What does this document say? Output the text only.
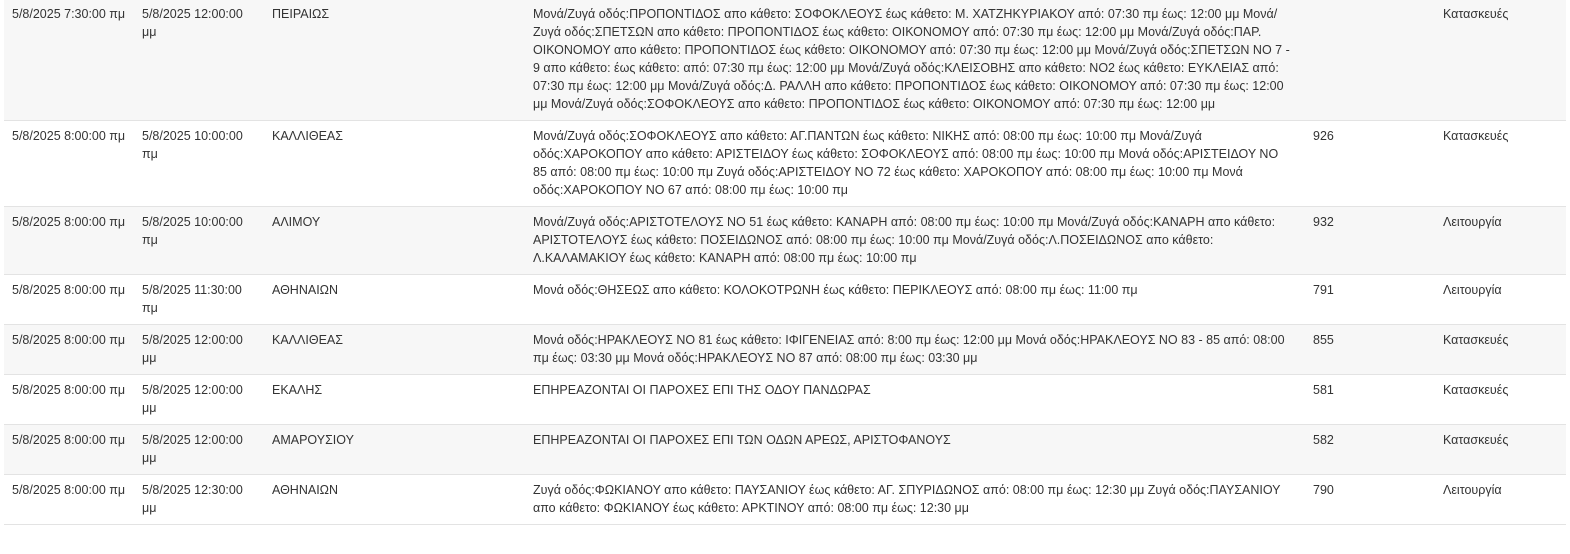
5/8/2025 7:30:00 πμ	5/8/2025 12:00:00 μμ	ΠΕΙΡΑΙΩΣ	Μονά/Ζυγά οδός:ΠΡΟΠΟΝΤΙΔΟΣ απο κάθετο: ΣΟΦΟΚΛΕΟΥΣ έως κάθετο: Μ. ΧΑΤΖΗΚΥΡΙΑΚΟΥ από: 07:30 πμ έως: 12:00 μμ Μονά/Ζυγά οδός:ΣΠΕΤΣΩΝ απο κάθετο: ΠΡΟΠΟΝΤΙΔΟΣ έως κάθετο: ΟΙΚΟΝΟΜΟΥ από: 07:30 πμ έως: 12:00 μμ Μονά/Ζυγά οδός:ΠΑΡ. ΟΙΚΟΝΟΜΟΥ απο κάθετο: ΠΡΟΠΟΝΤΙΔΟΣ έως κάθετο: ΟΙΚΟΝΟΜΟΥ από: 07:30 πμ έως: 12:00 μμ Μονά/Ζυγά οδός:ΣΠΕΤΣΩΝ ΝΟ 7 - 9 απο κάθετο: έως κάθετο: από: 07:30 πμ έως: 12:00 μμ Μονά/Ζυγά οδός:ΚΛΕΙΣΟΒΗΣ απο κάθετο: ΝΟ2 έως κάθετο: ΕΥΚΛΕΙΑΣ από: 07:30 πμ έως: 12:00 μμ Μονά/Ζυγά οδός:Δ. ΡΑΛΛΗ απο κάθετο: ΠΡΟΠΟΝΤΙΔΟΣ έως κάθετο: ΟΙΚΟΝΟΜΟΥ από: 07:30 πμ έως: 12:00 μμ Μονά/Ζυγά οδός:ΣΟΦΟΚΛΕΟΥΣ απο κάθετο: ΠΡΟΠΟΝΤΙΔΟΣ έως κάθετο: ΟΙΚΟΝΟΜΟΥ από: 07:30 πμ έως: 12:00 μμ		Κατασκευές
5/8/2025 8:00:00 πμ	5/8/2025 10:00:00 πμ	ΚΑΛΛΙΘΕΑΣ	Μονά/Ζυγά οδός:ΣΟΦΟΚΛΕΟΥΣ απο κάθετο: ΑΓ.ΠΑΝΤΩΝ έως κάθετο: ΝΙΚΗΣ από: 08:00 πμ έως: 10:00 πμ Μονά/Ζυγά οδός:ΧΑΡΟΚΟΠΟΥ απο κάθετο: ΑΡΙΣΤΕΙΔΟΥ έως κάθετο: ΣΟΦΟΚΛΕΟΥΣ από: 08:00 πμ έως: 10:00 πμ Μονά οδός:ΑΡΙΣΤΕΙΔΟΥ ΝΟ 85 από: 08:00 πμ έως: 10:00 πμ Ζυγά οδός:ΑΡΙΣΤΕΙΔΟΥ ΝΟ 72 έως κάθετο: ΧΑΡΟΚΟΠΟΥ από: 08:00 πμ έως: 10:00 πμ Μονά οδός:ΧΑΡΟΚΟΠΟΥ ΝΟ 67 από: 08:00 πμ έως: 10:00 πμ	926	Κατασκευές
5/8/2025 8:00:00 πμ	5/8/2025 10:00:00 πμ	ΑΛΙΜΟΥ	Μονά/Ζυγά οδός:ΑΡΙΣΤΟΤΕΛΟΥΣ ΝΟ 51 έως κάθετο: ΚΑΝΑΡΗ από: 08:00 πμ έως: 10:00 πμ Μονά/Ζυγά οδός:ΚΑΝΑΡΗ απο κάθετο: ΑΡΙΣΤΟΤΕΛΟΥΣ έως κάθετο: ΠΟΣΕΙΔΩΝΟΣ από: 08:00 πμ έως: 10:00 πμ Μονά/Ζυγά οδός:Λ.ΠΟΣΕΙΔΩΝΟΣ απο κάθετο: Λ.ΚΑΛΑΜΑΚΙΟΥ έως κάθετο: ΚΑΝΑΡΗ από: 08:00 πμ έως: 10:00 πμ	932	Λειτουργία
5/8/2025 8:00:00 πμ	5/8/2025 11:30:00 πμ	ΑΘΗΝΑΙΩΝ	Μονά οδός:ΘΗΣΕΩΣ απο κάθετο: ΚΟΛΟΚΟΤΡΩΝΗ έως κάθετο: ΠΕΡΙΚΛΕΟΥΣ από: 08:00 πμ έως: 11:00 πμ	791	Λειτουργία
5/8/2025 8:00:00 πμ	5/8/2025 12:00:00 μμ	ΚΑΛΛΙΘΕΑΣ	Μονά οδός:ΗΡΑΚΛΕΟΥΣ ΝΟ 81 έως κάθετο: ΙΦΙΓΕΝΕΙΑΣ από: 8:00 πμ έως: 12:00 μμ Μονά οδός:ΗΡΑΚΛΕΟΥΣ ΝΟ 83 - 85 από: 08:00 πμ έως: 03:30 μμ Μονά οδός:ΗΡΑΚΛΕΟΥΣ ΝΟ 87 από: 08:00 πμ έως: 03:30 μμ	855	Κατασκευές
5/8/2025 8:00:00 πμ	5/8/2025 12:00:00 μμ	ΕΚΑΛΗΣ	ΕΠΗΡΕΑΖΟΝΤΑΙ ΟΙ ΠΑΡΟΧΕΣ ΕΠΙ ΤΗΣ ΟΔΟΥ ΠΑΝΔΩΡΑΣ	581	Κατασκευές
5/8/2025 8:00:00 πμ	5/8/2025 12:00:00 μμ	ΑΜΑΡΟΥΣΙΟΥ	ΕΠΗΡΕΑΖΟΝΤΑΙ ΟΙ ΠΑΡΟΧΕΣ ΕΠΙ ΤΩΝ ΟΔΩΝ ΑΡΕΩΣ, ΑΡΙΣΤΟΦΑΝΟΥΣ	582	Κατασκευές
5/8/2025 8:00:00 πμ	5/8/2025 12:30:00 μμ	ΑΘΗΝΑΙΩΝ	Ζυγά οδός:ΦΩΚΙΑΝΟΥ απο κάθετο: ΠΑΥΣΑΝΙΟΥ έως κάθετο: ΑΓ. ΣΠΥΡΙΔΩΝΟΣ από: 08:00 πμ έως: 12:30 μμ Ζυγά οδός:ΠΑΥΣΑΝΙΟΥ απο κάθετο: ΦΩΚΙΑΝΟΥ έως κάθετο: ΑΡΚΤΙΝΟΥ από: 08:00 πμ έως: 12:30 μμ	790	Λειτουργία
